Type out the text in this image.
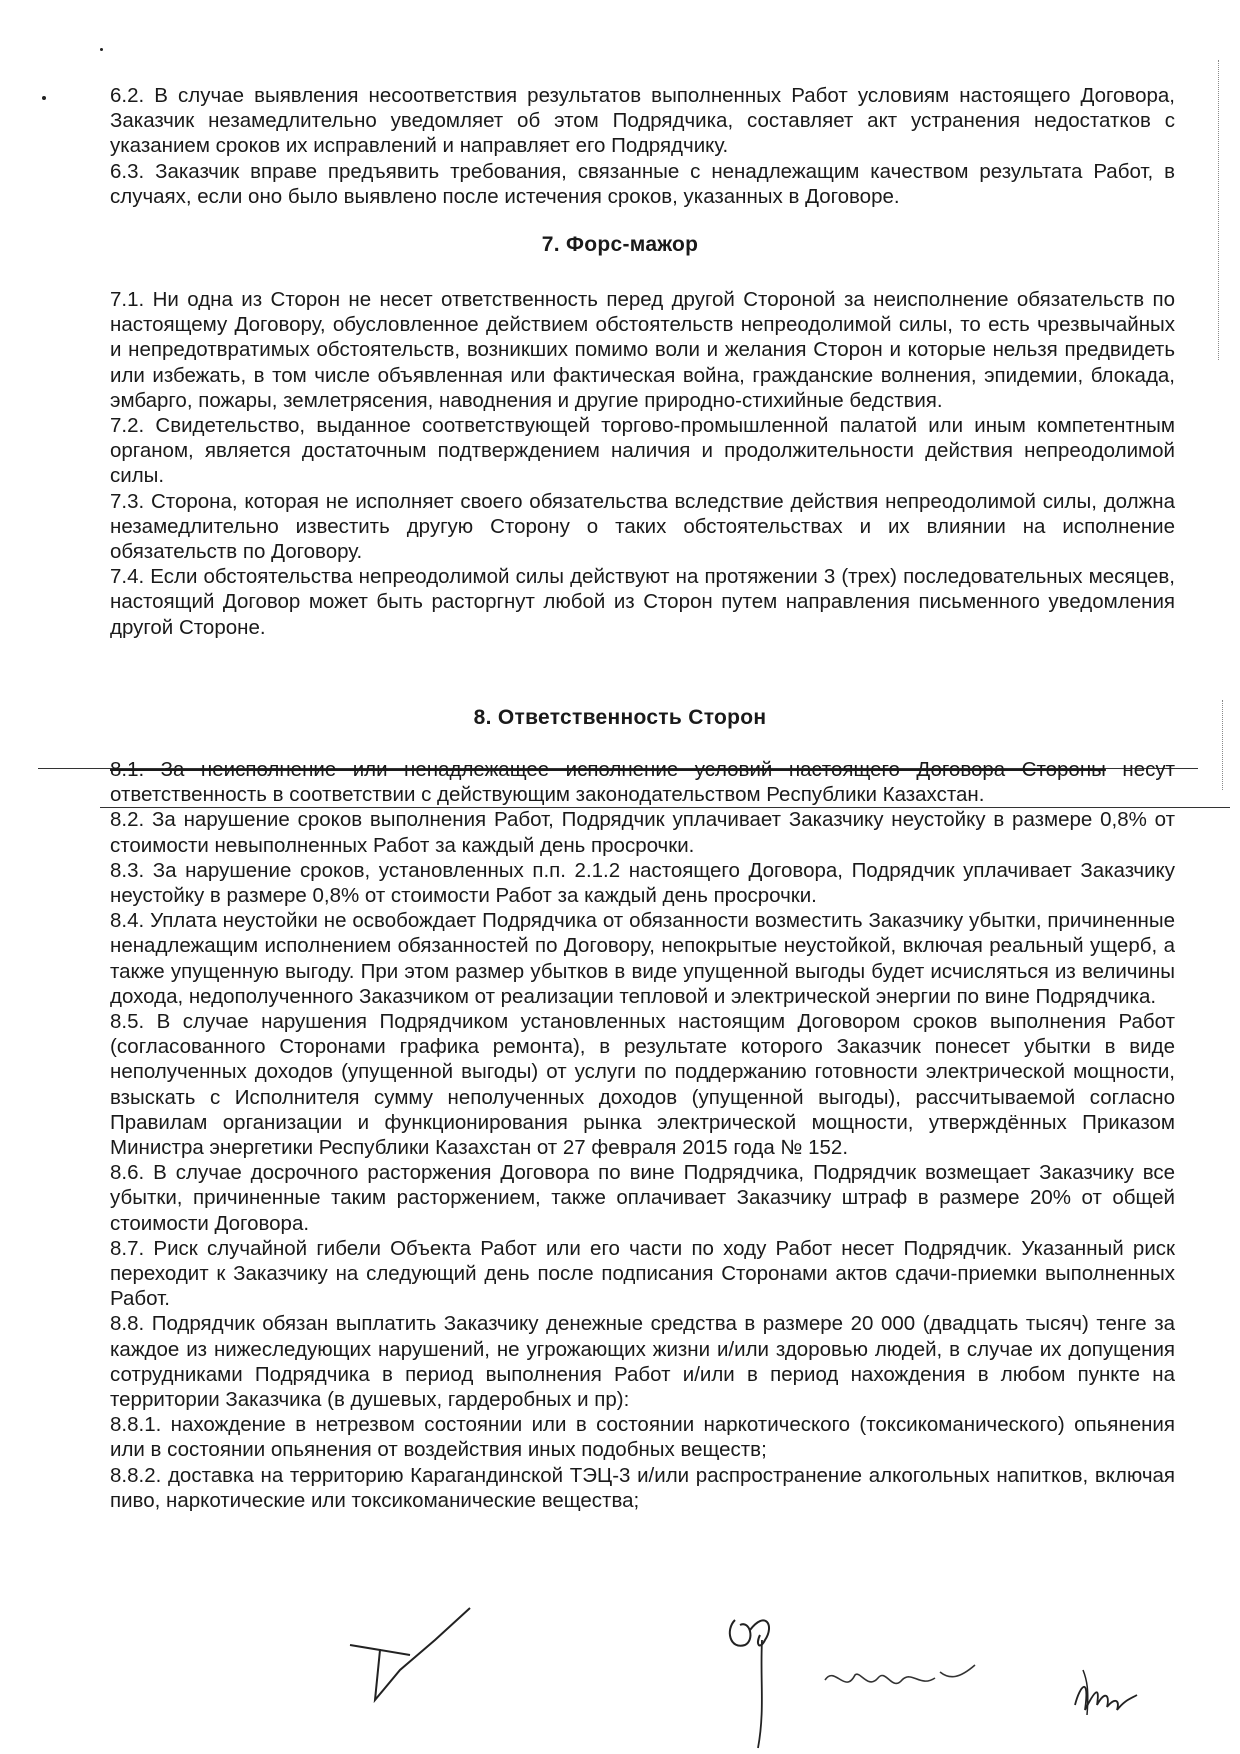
6.2. В случае выявления несоответствия результатов выполненных Работ условиям настоящего Договора, Заказчик незамедлительно уведомляет об этом Подрядчика, составляет акт устранения недостатков с указанием сроков их исправлений и направляет его Подрядчику.

6.3. Заказчик вправе предъявить требования, связанные с ненадлежащим качеством результата Работ, в случаях, если оно было выявлено после истечения сроков, указанных в Договоре.

7. Форс-мажор

7.1. Ни одна из Сторон не несет ответственность перед другой Стороной за неисполнение обязательств по настоящему Договору, обусловленное действием обстоятельств непреодолимой силы, то есть чрезвычайных и непредотвратимых обстоятельств, возникших помимо воли и желания Сторон и которые нельзя предвидеть или избежать, в том числе объявленная или фактическая война, гражданские волнения, эпидемии, блокада, эмбарго, пожары, землетрясения, наводнения и другие природно-стихийные бедствия.

7.2. Свидетельство, выданное соответствующей торгово-промышленной палатой или иным компетентным органом, является достаточным подтверждением наличия и продолжительности действия непреодолимой силы.

7.3. Сторона, которая не исполняет своего обязательства вследствие действия непреодолимой силы, должна незамедлительно известить другую Сторону о таких обстоятельствах и их влиянии на исполнение обязательств по Договору.

7.4. Если обстоятельства непреодолимой силы действуют на протяжении 3 (трех) последовательных месяцев, настоящий Договор может быть расторгнут любой из Сторон путем направления письменного уведомления другой Стороне.

8. Ответственность Сторон

8.1. За неисполнение или ненадлежащее исполнение условий настоящего Договора Стороны несут ответственность в соответствии с действующим законодательством Республики Казахстан.

8.2. За нарушение сроков выполнения Работ, Подрядчик уплачивает Заказчику неустойку в размере 0,8% от стоимости невыполненных Работ за каждый день просрочки.

8.3. За нарушение сроков, установленных п.п. 2.1.2 настоящего Договора, Подрядчик уплачивает Заказчику неустойку в размере 0,8% от стоимости Работ за каждый день просрочки.

8.4. Уплата неустойки не освобождает Подрядчика от обязанности возместить Заказчику убытки, причиненные ненадлежащим исполнением обязанностей по Договору, непокрытые неустойкой, включая реальный ущерб, а также упущенную выгоду. При этом размер убытков в виде упущенной выгоды будет исчисляться из величины дохода, недополученного Заказчиком от реализации тепловой и электрической энергии по вине Подрядчика.

8.5. В случае нарушения Подрядчиком установленных настоящим Договором сроков выполнения Работ (согласованного Сторонами графика ремонта), в результате которого Заказчик понесет убытки в виде неполученных доходов (упущенной выгоды) от услуги по поддержанию готовности электрической мощности, взыскать с Исполнителя сумму неполученных доходов (упущенной выгоды), рассчитываемой согласно Правилам организации и функционирования рынка электрической мощности, утверждённых Приказом Министра энергетики Республики Казахстан от 27 февраля 2015 года № 152.

8.6. В случае досрочного расторжения Договора по вине Подрядчика, Подрядчик возмещает Заказчику все убытки, причиненные таким расторжением, также оплачивает Заказчику штраф в размере 20% от общей стоимости Договора.

8.7. Риск случайной гибели Объекта Работ или его части по ходу Работ несет Подрядчик. Указанный риск переходит к Заказчику на следующий день после подписания Сторонами актов сдачи-приемки выполненных Работ.

8.8. Подрядчик обязан выплатить Заказчику денежные средства в размере 20 000 (двадцать тысяч) тенге за каждое из нижеследующих нарушений, не угрожающих жизни и/или здоровью людей, в случае их допущения сотрудниками Подрядчика в период выполнения Работ и/или в период нахождения в любом пункте на территории Заказчика (в душевых, гардеробных и пр):

8.8.1. нахождение в нетрезвом состоянии или в состоянии наркотического (токсикоманического) опьянения или в состоянии опьянения от воздействия иных подобных веществ;

8.8.2. доставка на территорию Карагандинской ТЭЦ-3 и/или распространение алкогольных напитков, включая пиво, наркотические или токсикоманические вещества;
